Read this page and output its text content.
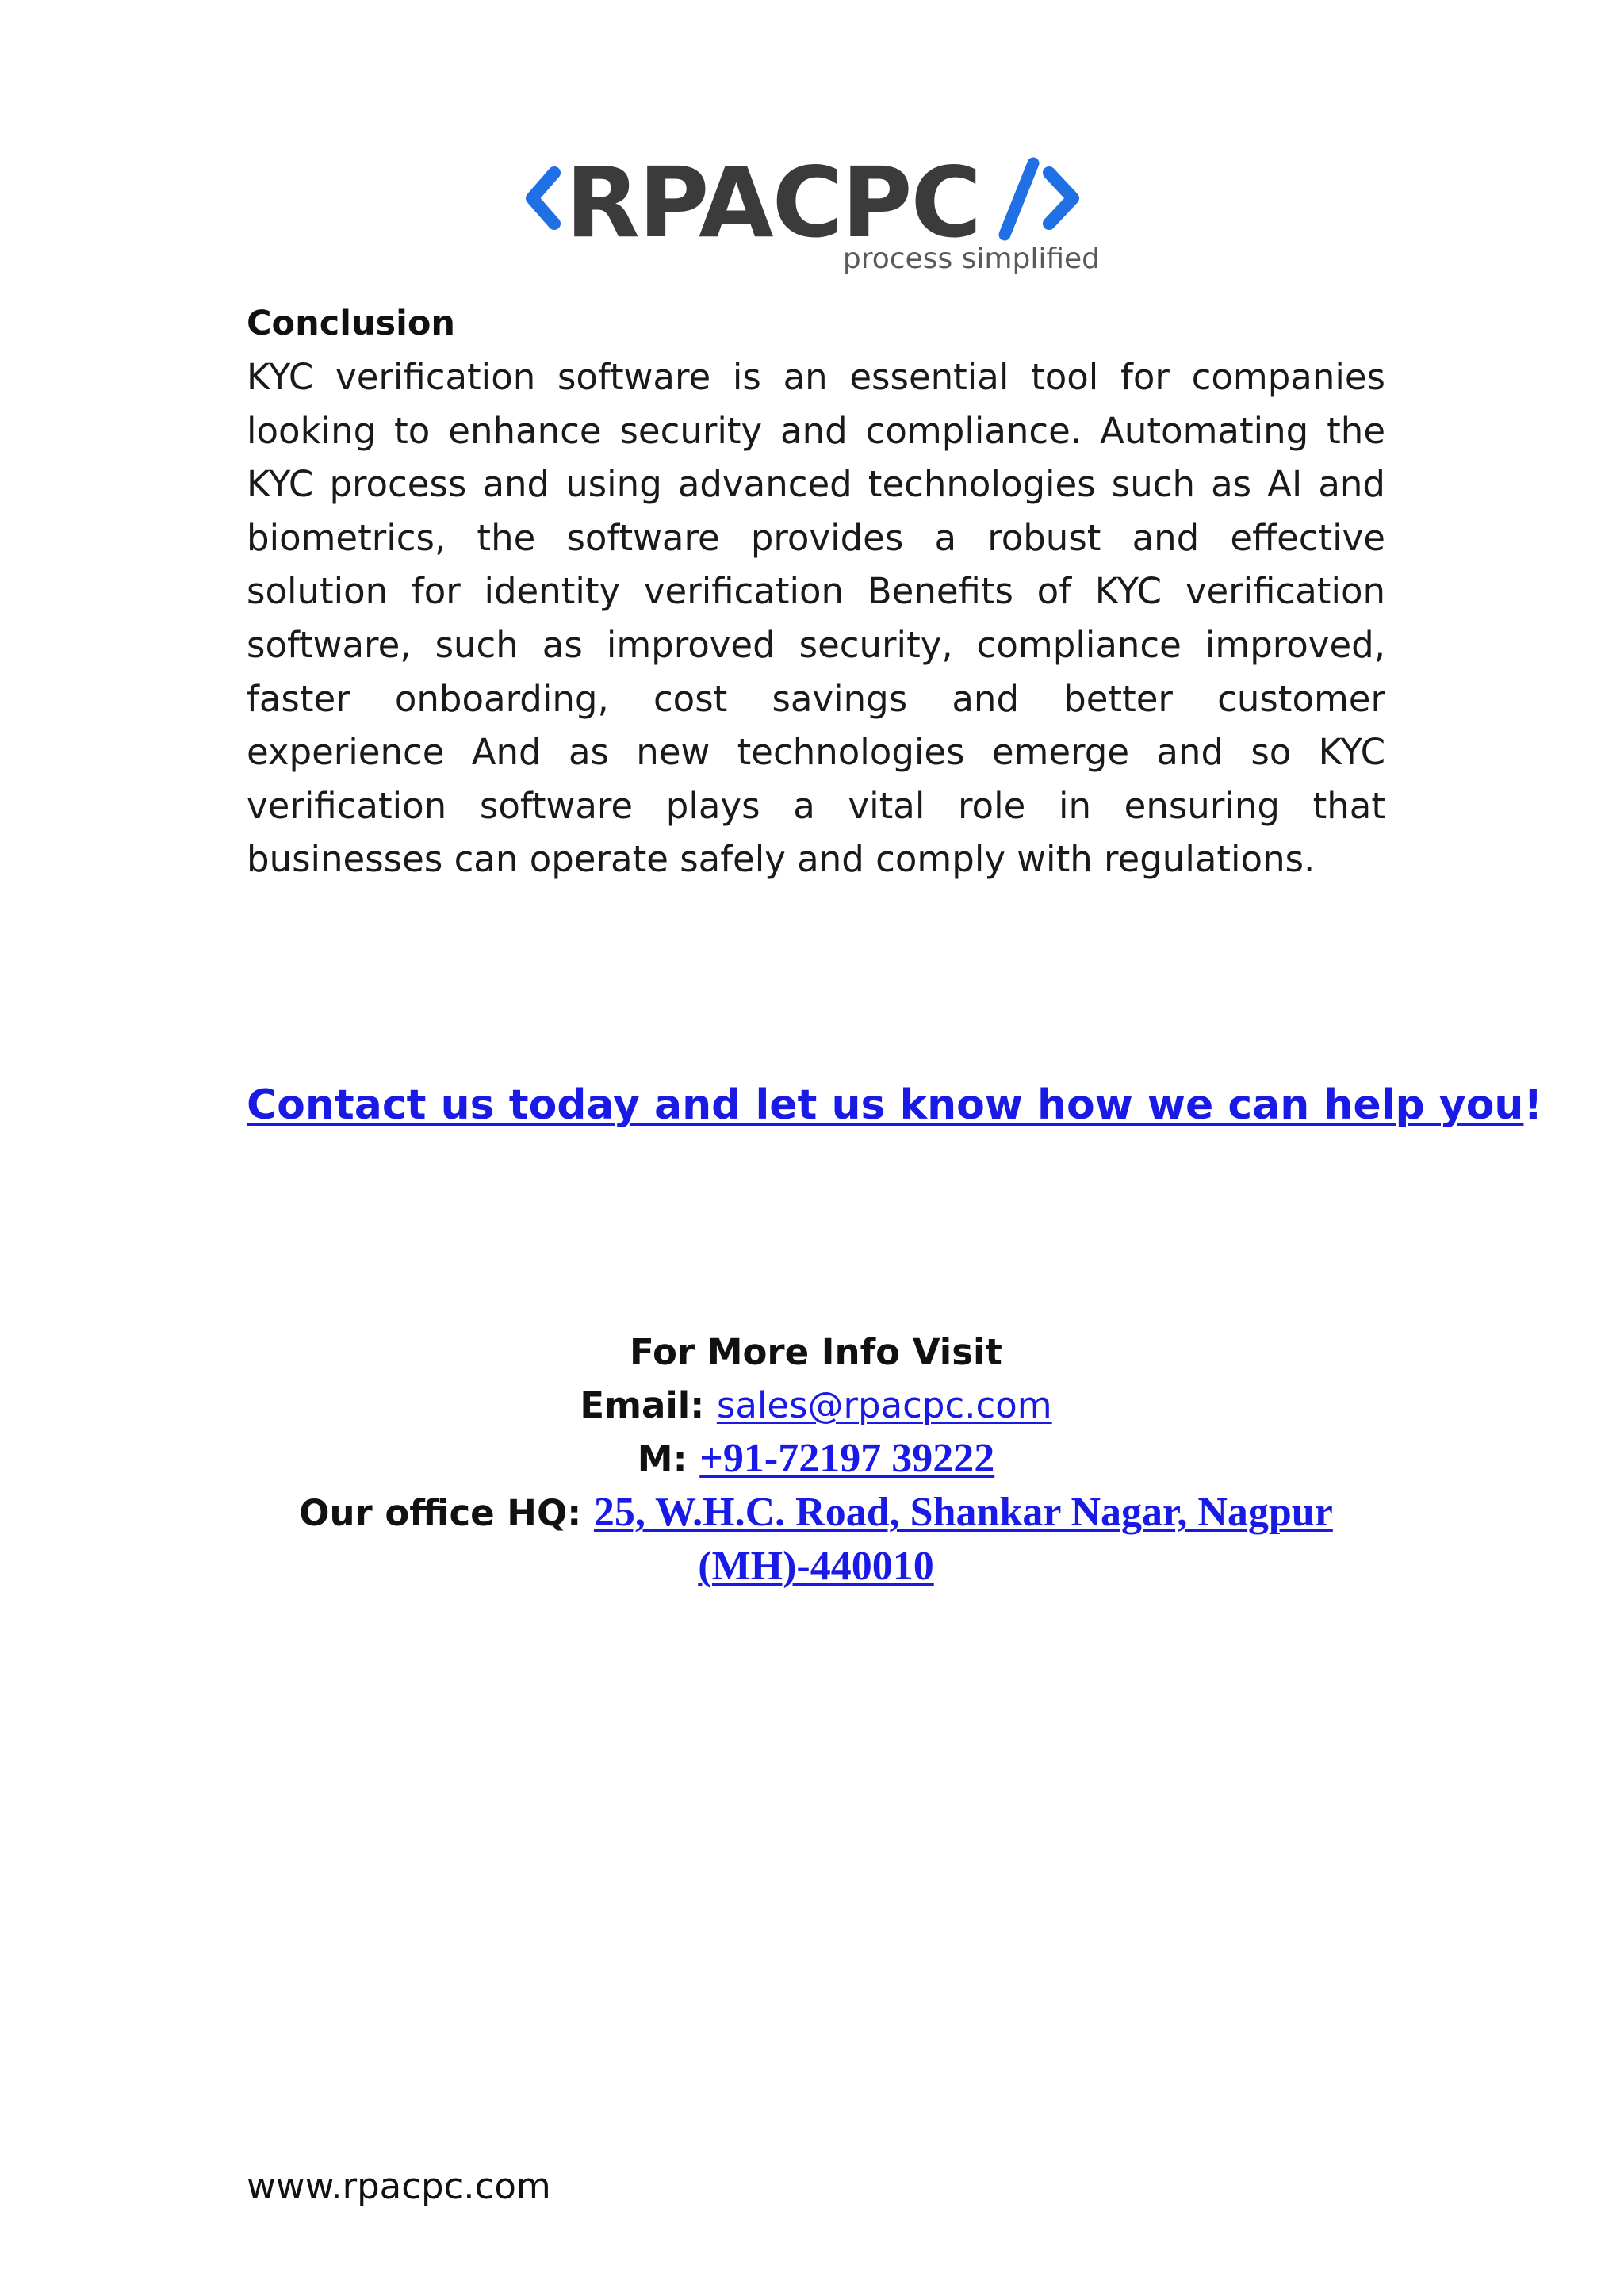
RPACPC
process simplified
Conclusion

KYC verification software is an essential tool for companies looking to enhance security and compliance. Automating the KYC process and using advanced technologies such as AI and biometrics, the software provides a robust and effective solution for identity verification Benefits of KYC verification software, such as improved security, compliance improved, faster onboarding, cost savings and better customer experience And as new technologies emerge and so KYC verification software plays a vital role in ensuring that businesses can operate safely and comply with regulations.

Contact us today and let us know how we can help you!
For More Info Visit
Email: sales@rpacpc.com
M: +91-72197 39222
Our office HQ: 25, W.H.C. Road, Shankar Nagar, Nagpur
(MH)-440010
www.rpacpc.com
